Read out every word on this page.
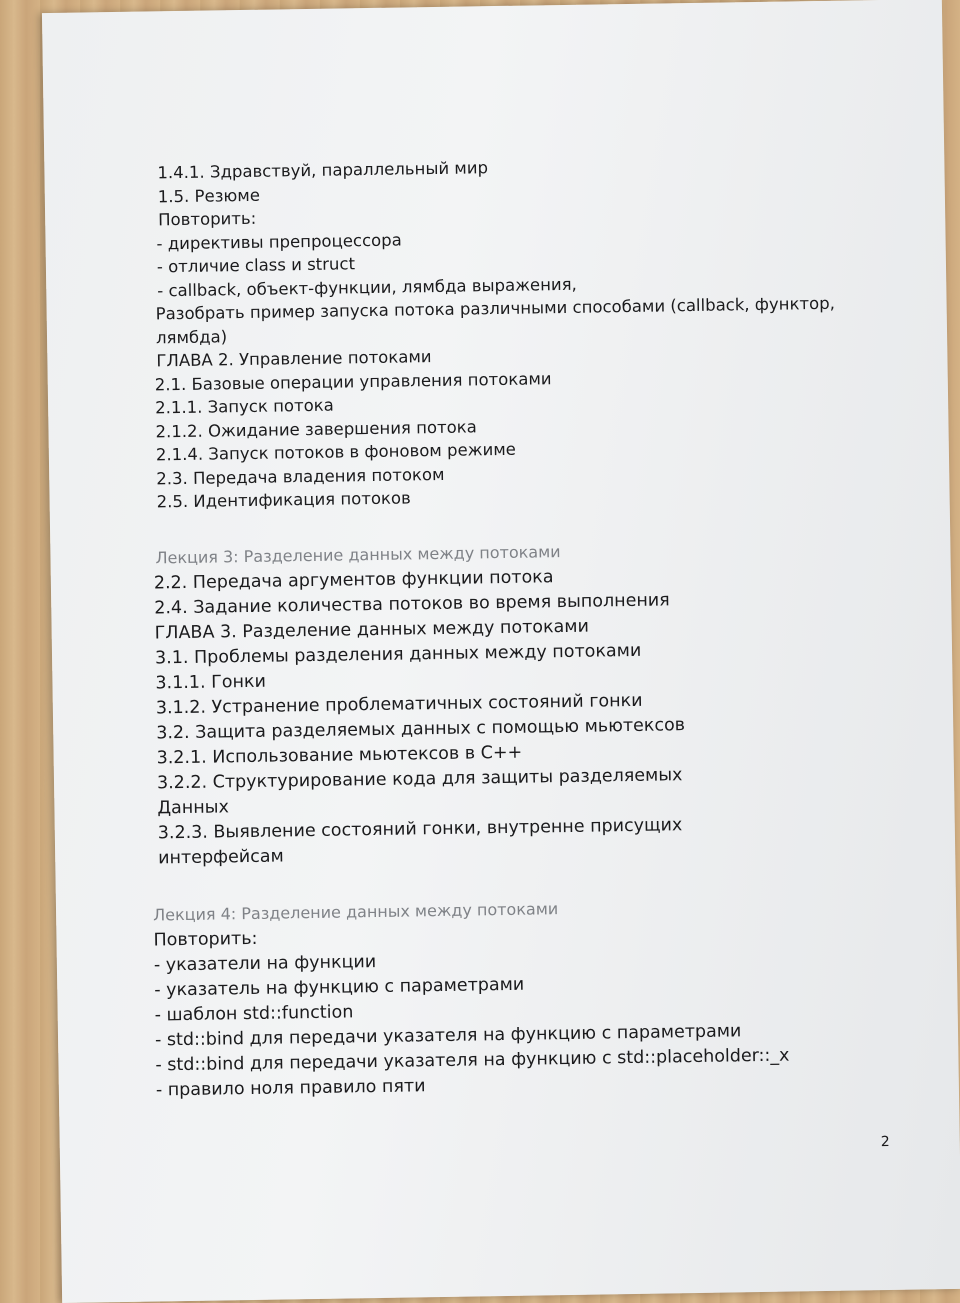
1.4.1. Здравствуй, параллельный мир
1.5. Резюме
Повторить:
- директивы препроцессора
- отличие class и struct
- callback, объект-функции, лямбда выражения,
Разобрать пример запуска потока различными способами (callback, функтор,
лямбда)
ГЛАВА 2. Управление потоками
2.1. Базовые операции управления потоками
2.1.1. Запуск потока
2.1.2. Ожидание завершения потока
2.1.4. Запуск потоков в фоновом режиме
2.3. Передача владения потоком
2.5. Идентификация потоков
Лекция 3: Разделение данных между потоками
2.2. Передача аргументов функции потока
2.4. Задание количества потоков во время выполнения
ГЛАВА 3. Разделение данных между потоками
3.1. Проблемы разделения данных между потоками
3.1.1. Гонки
3.1.2. Устранение проблематичных состояний гонки
3.2. Защита разделяемых данных с помощью мьютексов
3.2.1. Использование мьютексов в C++
3.2.2. Структурирование кода для защиты разделяемых
Данных
3.2.3. Выявление состояний гонки, внутренне присущих
интерфейсам
Лекция 4: Разделение данных между потоками
Повторить:
- указатели на функции
- указатель на функцию с параметрами
- шаблон std::function
- std::bind для передачи указателя на функцию с параметрами
- std::bind для передачи указателя на функцию с std::placeholder::_x
- правило ноля правило пяти
2
